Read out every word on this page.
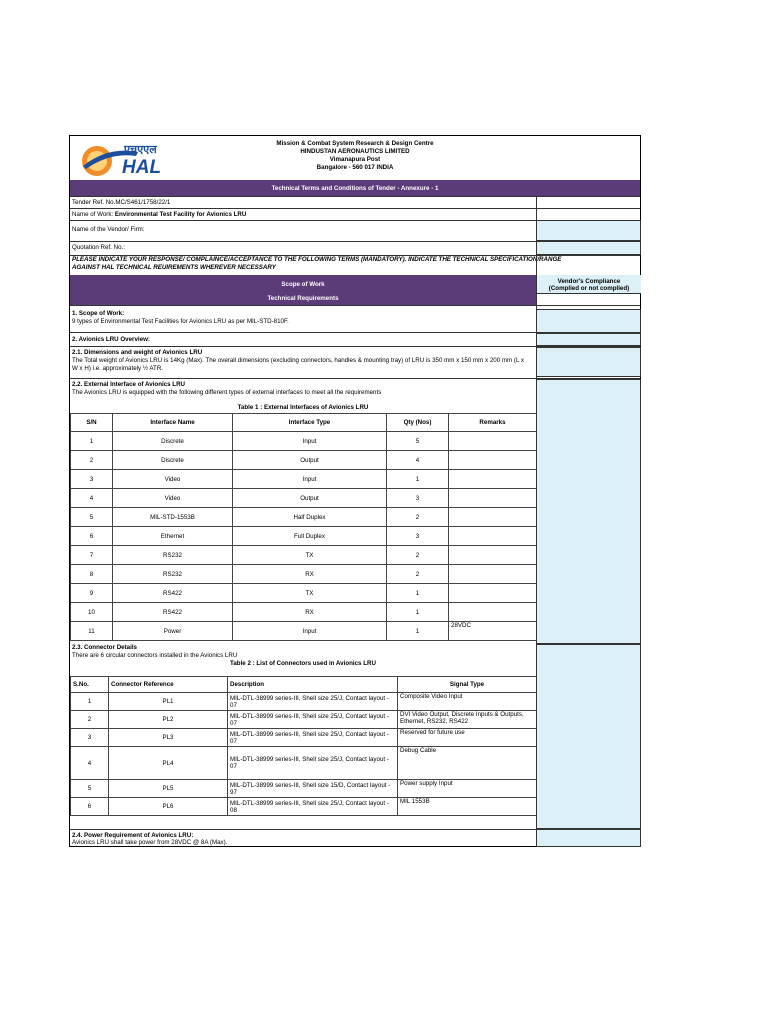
एचएएल
HAL
Mission & Combat System Research & Design Centre
HINDUSTAN AERONAUTICS LIMITED
Vimanapura Post
Bangalore - 560 017 INDIA
Technical Terms and Conditions of Tender - Annexure - 1
Tender Ref. No.MC/S461/1758/22/1
Name of Work: Environmental Test Facility for Avionics LRU
Name of the Vendor/ Firm:
Quotation Ref. No.:
PLEASE INDICATE YOUR RESPONSE/ COMPLAINCE/ACCEPTANCE TO THE FOLLOWING TERMS (MANDATORY). INDICATE THE TECHNICAL SPECIFICATION/RANGE AGAINST HAL TECHNICAL REUIREMENTS WHEREVER NECESSARY
Scope of Work	Vendor's Compliance
(Complied or not complied)
Technical Requirements
1. Scope of Work:
9 types of Environmental Test Facilities for Avionics LRU as per MIL-STD-810F.
2. Avionics LRU Overview:
2.1. Dimensions and weight of Avionics LRU
The Total weight of Avionics LRU is 14Kg (Max). The overall dimensions (excluding connectors, handles & mounting tray) of LRU is 350 mm x 150 mm x 200 mm (L x W x H) i.e. approximately ½ ATR.
2.2. External Interface of Avionics LRU
The Avionics LRU is equipped with the following different types of external interfaces to meet all the requirements
Table 1 : External Interfaces of Avionics LRU
S/N	Interface Name	Interface Type	Qty (Nos)	Remarks
1	Discrete	Input	5	
2	Discrete	Output	4	
3	Video	Input	1	
4	Video	Output	3	
5	MIL-STD-1553B	Half Duplex	2	
6	Ethernet	Full Duplex	3	
7	RS232	TX	2	
8	RS232	RX	2	
9	RS422	TX	1	
10	RS422	RX	1	
11	Power	Input	1	28VDC
2.3. Connector Details
There are 6 circular connectors installed in the Avionics LRU
Table 2 : List of Connectors used in Avionics LRU
S.No.	Connector Reference	Description	Signal Type
1	PL1	MIL-DTL-38999 series-III, Shell size 25/J, Contact layout - 07	Composite Video Input
2	PL2	MIL-DTL-38999 series-III, Shell size 25/J, Contact layout - 07	DVI Video Output, Discrete Inputs & Outputs, Ethernet, RS232, RS422
3	PL3	MIL-DTL-38999 series-III, Shell size 25/J, Contact layout - 07	Reserved for future use
4	PL4	MIL-DTL-38999 series-III, Shell size 25/J, Contact layout - 07	Debug Cable
5	PL5	MIL-DTL-38999 series-III, Shell size 15/D, Contact layout - 97	Power supply Input
6	PL6	MIL-DTL-38999 series-III, Shell size 25/J, Contact layout - 08	MIL 1553B
2.4. Power Requirement of Avionics LRU:
Avionics LRU shall take power from 28VDC @ 8A (Max).
